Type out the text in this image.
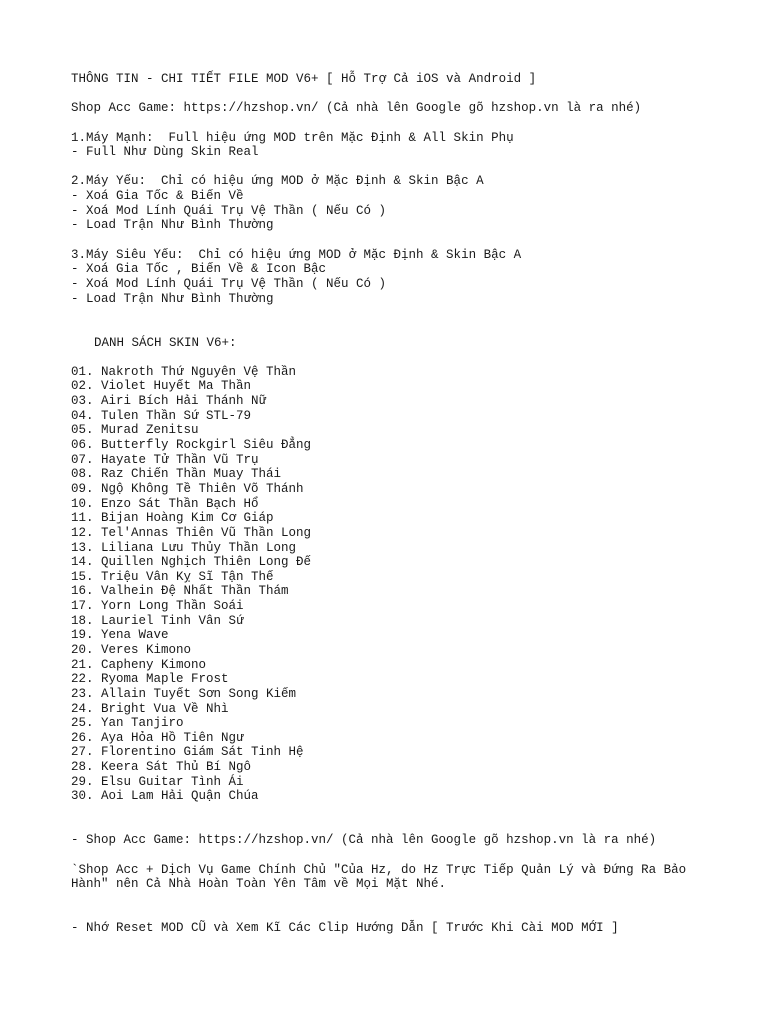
THÔNG TIN - CHI TIẾT FILE MOD V6+ [ Hỗ Trợ Cả iOS và Android ]
Shop Acc Game: https://hzshop.vn/ (Cả nhà lên Google gõ hzshop.vn là ra nhé)
1.Máy Mạnh:  Full hiệu ứng MOD trên Mặc Định & All Skin Phụ
- Full Như Dùng Skin Real
2.Máy Yếu:  Chỉ có hiệu ứng MOD ở Mặc Định & Skin Bậc A
- Xoá Gia Tốc & Biến Về
- Xoá Mod Lính Quái Trụ Vệ Thần ( Nếu Có )
- Load Trận Như Bình Thường
3.Máy Siêu Yếu:  Chỉ có hiệu ứng MOD ở Mặc Định & Skin Bậc A
- Xoá Gia Tốc , Biến Về & Icon Bậc
- Xoá Mod Lính Quái Trụ Vệ Thần ( Nếu Có )
- Load Trận Như Bình Thường
DANH SÁCH SKIN V6+:
01. Nakroth Thứ Nguyên Vệ Thần
02. Violet Huyết Ma Thần
03. Airi Bích Hải Thánh Nữ
04. Tulen Thần Sứ STL-79
05. Murad Zenitsu
06. Butterfly Rockgirl Siêu Đẳng
07. Hayate Tử Thần Vũ Trụ
08. Raz Chiến Thần Muay Thái
09. Ngộ Không Tề Thiên Võ Thánh
10. Enzo Sát Thần Bạch Hổ
11. Bijan Hoàng Kim Cơ Giáp
12. Tel'Annas Thiên Vũ Thần Long
13. Liliana Lưu Thủy Thần Long
14. Quillen Nghịch Thiên Long Đế
15. Triệu Vân Kỵ Sĩ Tận Thế
16. Valhein Đệ Nhất Thần Thám
17. Yorn Long Thần Soái
18. Lauriel Tinh Vân Sứ
19. Yena Wave
20. Veres Kimono
21. Capheny Kimono
22. Ryoma Maple Frost
23. Allain Tuyết Sơn Song Kiếm
24. Bright Vua Về Nhì
25. Yan Tanjiro
26. Aya Hỏa Hồ Tiên Ngư
27. Florentino Giám Sát Tinh Hệ
28. Keera Sát Thủ Bí Ngô
29. Elsu Guitar Tình Ái
30. Aoi Lam Hải Quận Chúa
- Shop Acc Game: https://hzshop.vn/ (Cả nhà lên Google gõ hzshop.vn là ra nhé)
`Shop Acc + Dịch Vụ Game Chính Chủ "Của Hz, do Hz Trực Tiếp Quản Lý và Đứng Ra Bảo Hành" nên Cả Nhà Hoàn Toàn Yên Tâm về Mọi Mặt Nhé.
- Nhớ Reset MOD CŨ và Xem Kĩ Các Clip Hướng Dẫn [ Trước Khi Cài MOD MỚI ]
